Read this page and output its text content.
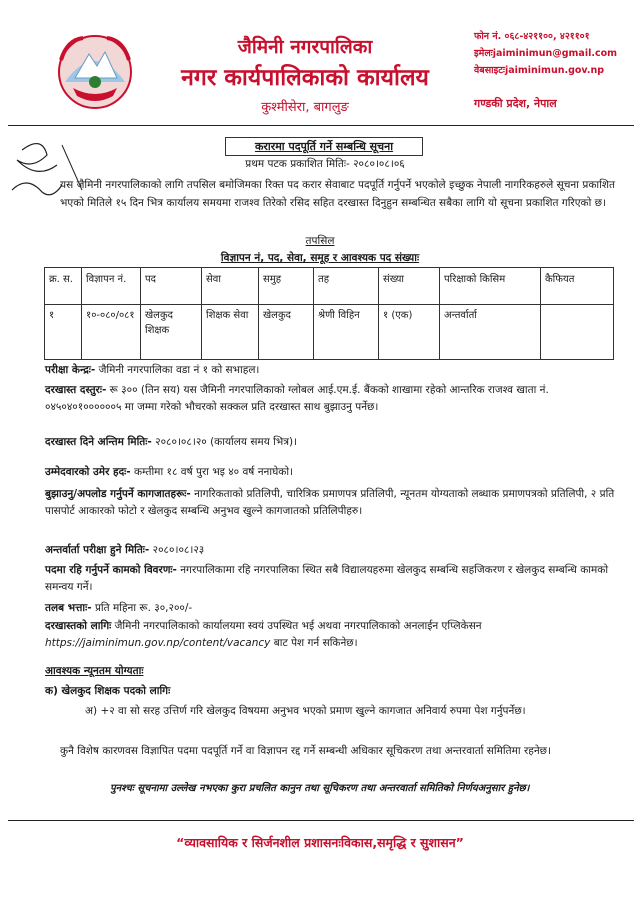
जैमिनी नगरपालिका
नगर कार्यपालिकाको कार्यालय
कुश्मीसेरा, बागलुङ
फोन नं. ०६८-४२११००, ४२११०१
इमेलःjaiminimun@gmail.com
वेबसाइटःjaiminimun.gov.np
गण्डकी प्रदेश, नेपाल
करारमा पदपूर्ति गर्ने सम्बन्धि सूचना
प्रथम पटक प्रकाशित मितिः- २०८०।०८।०६
यस जैमिनी नगरपालिकाको लागि तपसिल बमोजिमका रिक्त पद करार सेवाबाट पदपूर्ति गर्नुपर्ने भएकोले इच्छुक नेपाली नागरिकहरुले सूचना प्रकाशित भएको मितिले १५ दिन भित्र कार्यालय समयमा राजश्व तिरेको रसिद सहित दरखास्त दिनुहुन सम्बन्धित सबैका लागि यो सूचना प्रकाशित गरिएको छ।
तपसिल
विज्ञापन नं, पद, सेवा, समूह र आवश्यक पद संख्याः
क्र. स.	विज्ञापन नं.	पद	सेवा	समुह	तह	संख्या	परिक्षाको किसिम	कैफियत
१	१०-०८०/०८१	खेलकुद शिक्षक	शिक्षक सेवा	खेलकुद	श्रेणी विहिन	१ (एक)	अन्तर्वार्ता	
परीक्षा केन्द्रः- जैमिनी नगरपालिका वडा नं १ को सभाहल।
दरखास्त दस्तुरः- रू ३०० (तिन सय) यस जैमिनी नगरपालिकाको ग्लोबल आई.एम.ई. बैंकको शाखामा रहेको आन्तरिक राजश्व खाता नं. ०४५०४०१००००००५ मा जम्मा गरेको भौचरको सक्कल प्रति दरखास्त साथ बुझाउनु पर्नेछ।
दरखास्त दिने अन्तिम मितिः- २०८०।०८।२० (कार्यालय समय भित्र)।
उम्मेदवारको उमेर हदः- कम्तीमा १८ वर्ष पुरा भइ ४० वर्ष ननाघेको।
बुझाउनु/अपलोड गर्नुपर्ने कागजातहरूः- नागरिकताको प्रतिलिपी, चारित्रिक प्रमाणपत्र प्रतिलिपी, न्यूनतम योग्यताको लब्धाक प्रमाणपत्रको प्रतिलिपी, २ प्रति पासपोर्ट आकारको फोटो र खेलकुद सम्बन्धि अनुभव खुल्ने कागजातको प्रतिलिपीहरु।
अन्तर्वार्ता परीक्षा हुने मितिः- २०८०।०८।२३
पदमा रहि गर्नुपर्ने कामको विवरणः- नगरपालिकामा रहि नगरपालिका स्थित सबै विद्यालयहरुमा खेलकुद सम्बन्धि सहजिकरण र खेलकुद सम्बन्धि कामको समन्वय गर्ने।
तलब भत्ताः- प्रति महिना रू. ३०,२००/-
दरखास्तको लागिः जैमिनी नगरपालिकाको कार्यालयमा स्वयं उपस्थित भई अथवा नगरपालिकाको अनलाईन एप्लिकेसन https://jaiminimun.gov.np/content/vacancy बाट पेश गर्न सकिनेछ।
आवश्यक न्यूनतम योग्यताः
क) खेलकुद शिक्षक पदको लागिः
अ) +२ वा सो सरह उत्तिर्ण गरि खेलकुद विषयमा अनुभव भएको प्रमाण खुल्ने कागजात अनिवार्य रुपमा पेश गर्नुपर्नेछ।
कुनै विशेष कारणवस विज्ञापित पदमा पदपूर्ति गर्ने वा विज्ञापन रद्द गर्ने सम्बन्धी अधिकार सूचिकरण तथा अन्तरवार्ता समितिमा रहनेछ।
पुनश्चः सूचनामा उल्लेख नभएका कुरा प्रचलित कानुन तथा सूचिकरण तथा अन्तरवार्ता समितिको निर्णयअनुसार हुनेछ।
“व्यावसायिक र सिर्जनशील प्रशासनःविकास,समृद्धि र सुशासन”
